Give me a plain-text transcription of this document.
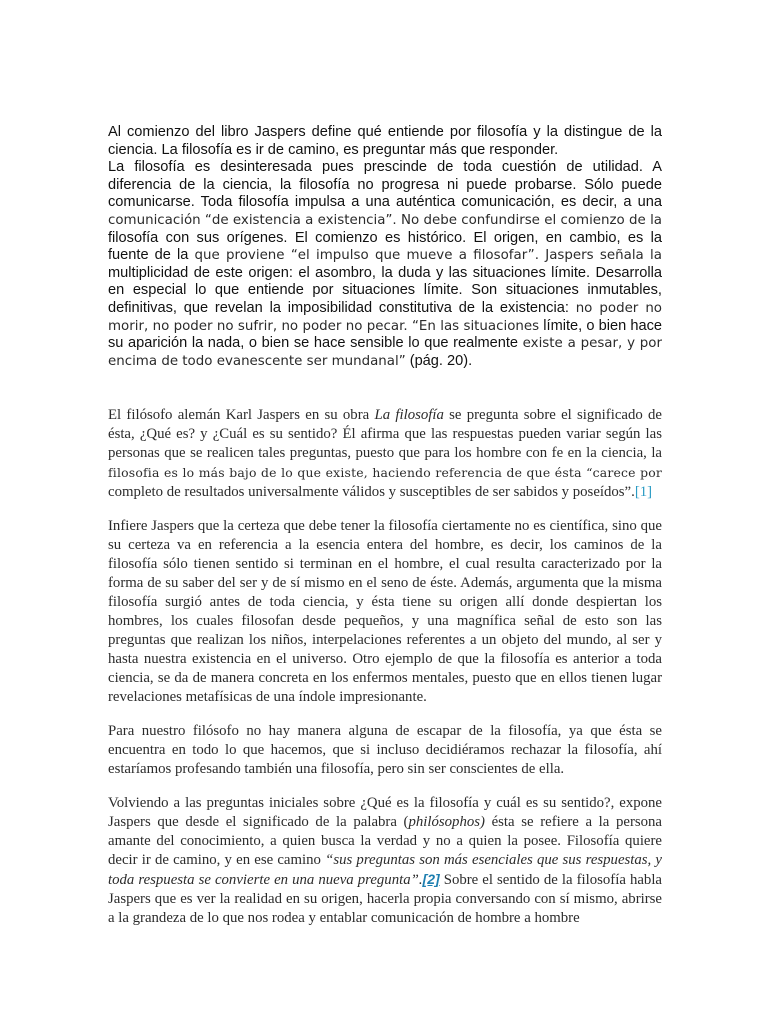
Al comienzo del libro Jaspers define qué entiende por filosofía y la distingue de la ciencia. La filosofía es ir de camino, es preguntar más que responder.

La filosofía es desinteresada pues prescinde de toda cuestión de utilidad. A diferencia de la ciencia, la filosofía no progresa ni puede probarse. Sólo puede comunicarse. Toda filosofía impulsa a una auténtica comunicación, es decir, a una comunicación “de existencia a existencia”. No debe confundirse el comienzo de la filosofía con sus orígenes. El comienzo es histórico. El origen, en cambio, es la fuente de la que proviene “el impulso que mueve a filosofar”. Jaspers señala la multiplicidad de este origen: el asombro, la duda y las situaciones límite. Desarrolla en especial lo que entiende por situaciones límite. Son situaciones inmutables, definitivas, que revelan la imposibilidad constitutiva de la existencia: no poder no morir, no poder no sufrir, no poder no pecar. “En las situaciones límite, o bien hace su aparición la nada, o bien se hace sensible lo que realmente existe a pesar, y por encima de todo evanescente ser mundanal” (pág. 20).

El filósofo alemán Karl Jaspers en su obra La filosofía se pregunta sobre el significado de ésta, ¿Qué es? y ¿Cuál es su sentido? Él afirma que las respuestas pueden variar según las personas que se realicen tales preguntas, puesto que para los hombre con fe en la ciencia, la filosofia es lo más bajo de lo que existe, haciendo referencia de que ésta “carece por completo de resultados universalmente válidos y susceptibles de ser sabidos y poseídos”.[1]

Infiere Jaspers que la certeza que debe tener la filosofía ciertamente no es científica, sino que su certeza va en referencia a la esencia entera del hombre, es decir, los caminos de la filosofía sólo tienen sentido si terminan en el hombre, el cual resulta caracterizado por la forma de su saber del ser y de sí mismo en el seno de éste. Además, argumenta que la misma filosofía surgió antes de toda ciencia, y ésta tiene su origen allí donde despiertan los hombres, los cuales filosofan desde pequeños, y una magnífica señal de esto son las preguntas que realizan los niños, interpelaciones referentes a un objeto del mundo, al ser y hasta nuestra existencia en el universo. Otro ejemplo de que la filosofía es anterior a toda ciencia, se da de manera concreta en los enfermos mentales, puesto que en ellos tienen lugar revelaciones metafísicas de una índole impresionante.

Para nuestro filósofo no hay manera alguna de escapar de la filosofía, ya que ésta se encuentra en todo lo que hacemos, que si incluso decidiéramos rechazar la filosofía, ahí estaríamos profesando también una filosofía, pero sin ser conscientes de ella.

Volviendo a las preguntas iniciales sobre ¿Qué es la filosofía y cuál es su sentido?, expone Jaspers que desde el significado de la palabra (philósophos) ésta se refiere a la persona amante del conocimiento, a quien busca la verdad y no a quien la posee. Filosofía quiere decir ir de camino, y en ese camino “sus preguntas son más esenciales que sus respuestas, y toda respuesta se convierte en una nueva pregunta”.[2] Sobre el sentido de la filosofía habla Jaspers que es ver la realidad en su origen, hacerla propia conversando con sí mismo, abrirse a la grandeza de lo que nos rodea y entablar comunicación de hombre a hombre
